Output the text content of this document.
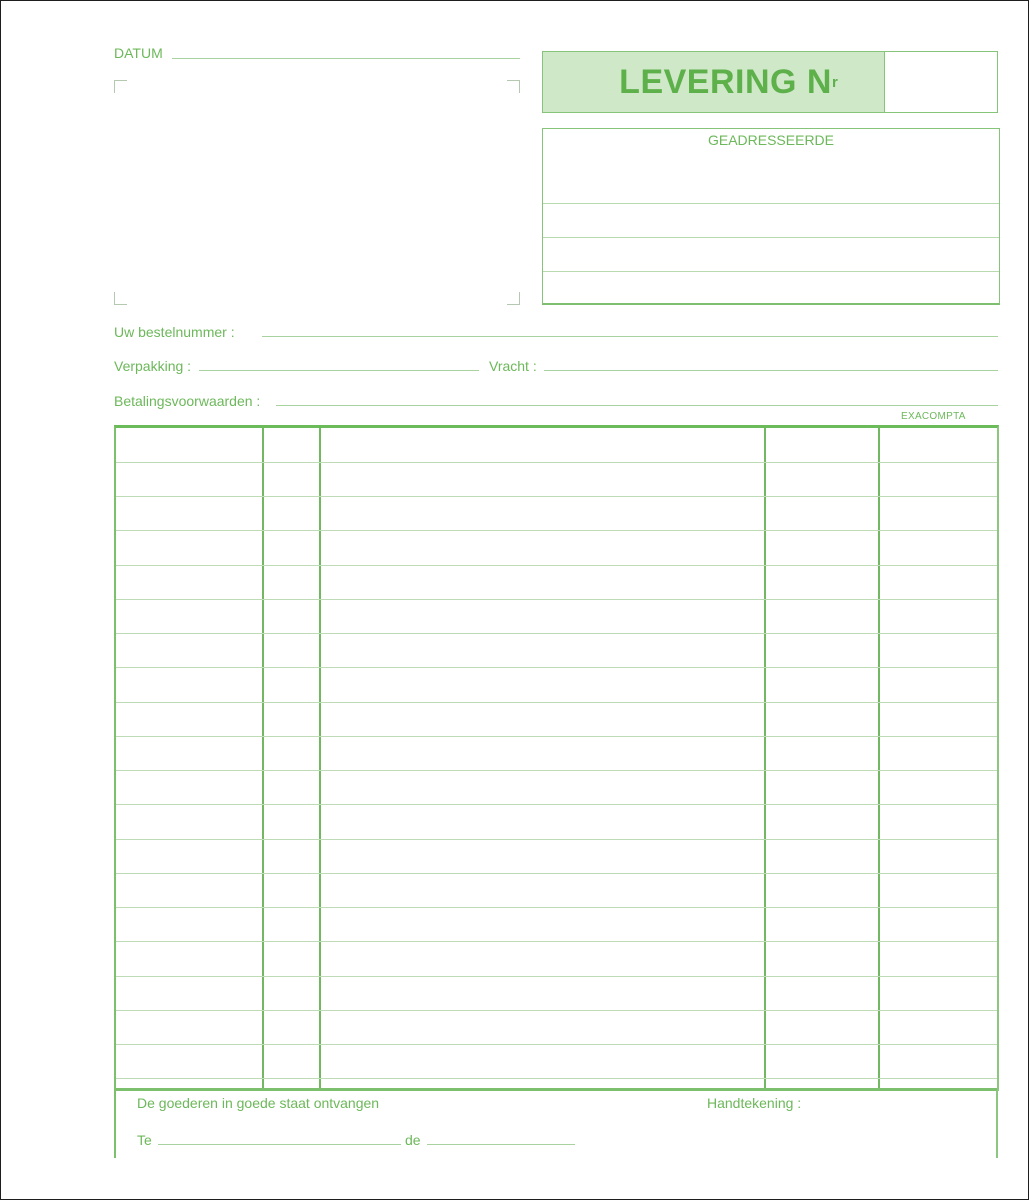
DATUM
LEVERING N r
GEADRESSEERDE
Uw bestelnummer :
Verpakking :	Vracht :
Betalingsvoorwaarden :
EXACOMPTA
De goederen in goede staat ontvangen	Handtekening :
Te	de
